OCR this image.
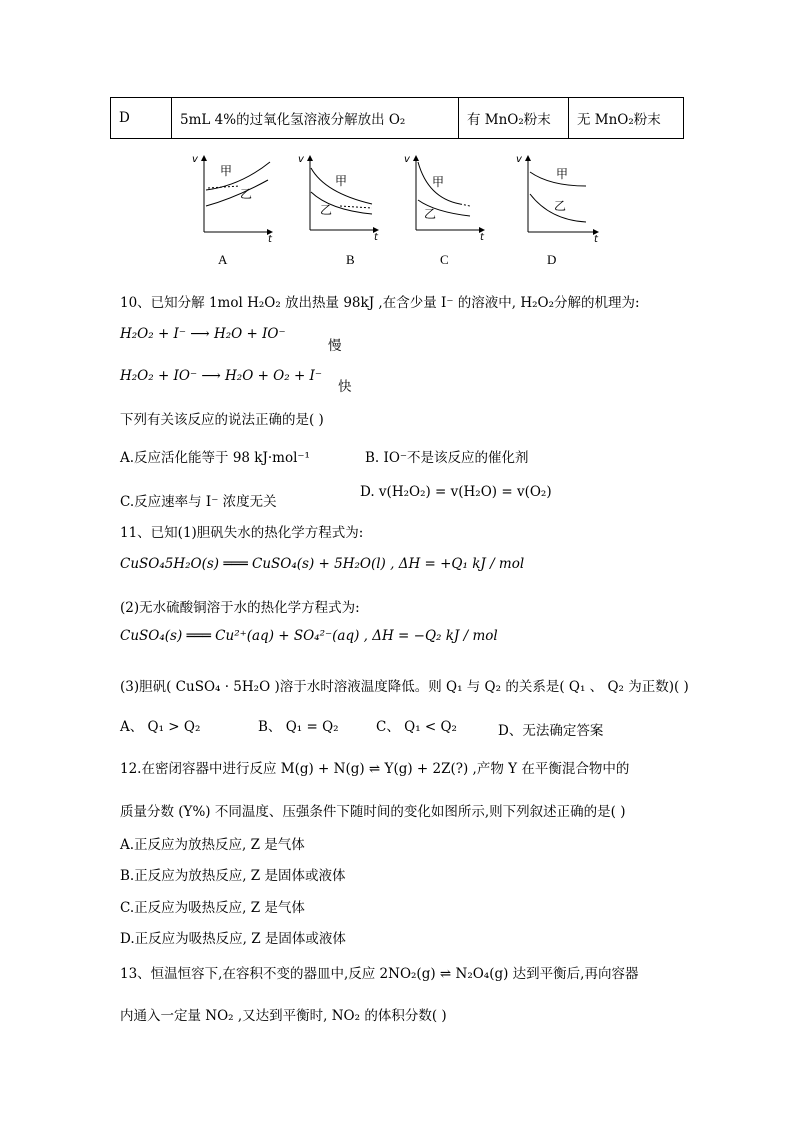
D	5mL 4%的过氧化氢溶液分解放出 O₂	有 MnO₂粉末	无 MnO₂粉末
v
t
甲
乙
v
t
甲
乙
v
t
甲
乙
v
t
甲
乙
A	B	C	D
10、已知分解 1mol H₂O₂ 放出热量 98kJ ,在含少量 I⁻ 的溶液中, H₂O₂分解的机理为:
H₂O₂ + I⁻ ⟶ H₂O + IO⁻
慢
H₂O₂ + IO⁻ ⟶ H₂O + O₂ + I⁻
快
下列有关该反应的说法正确的是( )
A.反应活化能等于 98 kJ·mol⁻¹	B. IO⁻不是该反应的催化剂
C.反应速率与 I⁻ 浓度无关
D. v(H₂O₂) = v(H₂O) = v(O₂)
11、已知(1)胆矾失水的热化学方程式为:
CuSO₄5H₂O(s) ═══ CuSO₄(s) + 5H₂O(l) , ΔH = +Q₁ kJ / mol
(2)无水硫酸铜溶于水的热化学方程式为:
CuSO₄(s) ═══ Cu²⁺(aq) + SO₄²⁻(aq) , ΔH = −Q₂ kJ / mol
(3)胆矾( CuSO₄ · 5H₂O )溶于水时溶液温度降低。则 Q₁ 与 Q₂ 的关系是( Q₁ 、 Q₂ 为正数)( )
A、 Q₁ > Q₂	B、 Q₁ = Q₂	C、 Q₁ < Q₂	D、无法确定答案
12.在密闭容器中进行反应 M(g) + N(g) ⇌ Y(g) + 2Z(?) ,产物 Y 在平衡混合物中的
质量分数 (Y%) 不同温度、压强条件下随时间的变化如图所示,则下列叙述正确的是( )
A.正反应为放热反应, Z 是气体
B.正反应为放热反应, Z 是固体或液体
C.正反应为吸热反应, Z 是气体
D.正反应为吸热反应, Z 是固体或液体
13、恒温恒容下,在容积不变的器皿中,反应 2NO₂(g) ⇌ N₂O₄(g) 达到平衡后,再向容器
内通入一定量 NO₂ ,又达到平衡时, NO₂ 的体积分数( )
